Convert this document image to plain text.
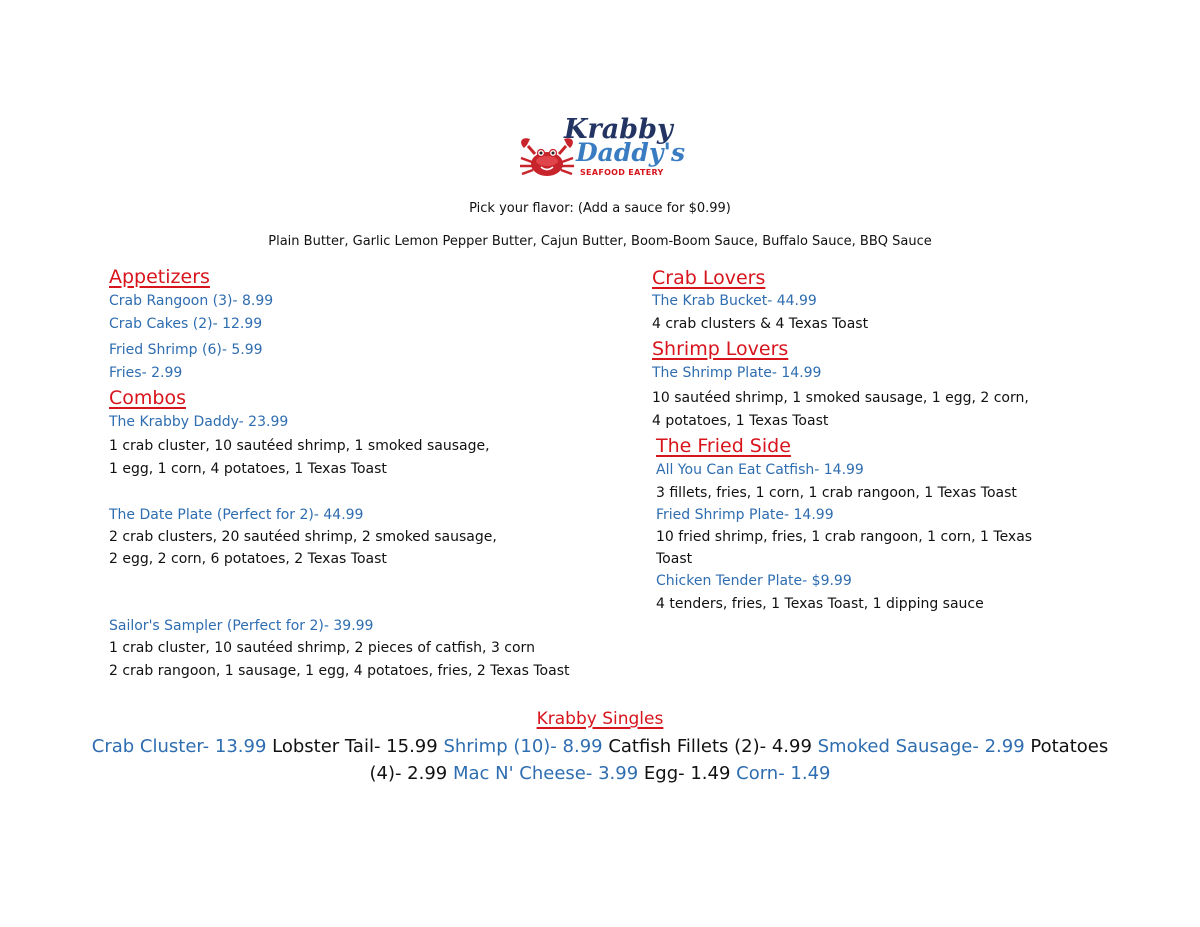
Krabby
Daddy's
SEAFOOD EATERY
Pick your flavor: (Add a sauce for $0.99)
Plain Butter, Garlic Lemon Pepper Butter, Cajun Butter, Boom-Boom Sauce, Buffalo Sauce, BBQ Sauce
Appetizers
Crab Rangoon (3)- 8.99
Crab Cakes (2)- 12.99
Fried Shrimp (6)- 5.99
Fries- 2.99
Combos
The Krabby Daddy- 23.99
1 crab cluster, 10 sautéed shrimp, 1 smoked sausage,
1 egg, 1 corn, 4 potatoes, 1 Texas Toast
The Date Plate (Perfect for 2)- 44.99
2 crab clusters, 20 sautéed shrimp, 2 smoked sausage,
2 egg, 2 corn, 6 potatoes, 2 Texas Toast
Sailor's Sampler (Perfect for 2)- 39.99
1 crab cluster, 10 sautéed shrimp, 2 pieces of catfish, 3 corn
2 crab rangoon, 1 sausage, 1 egg, 4 potatoes, fries, 2 Texas Toast
Crab Lovers
The Krab Bucket- 44.99
4 crab clusters & 4 Texas Toast
Shrimp Lovers
The Shrimp Plate- 14.99
10 sautéed shrimp, 1 smoked sausage, 1 egg, 2 corn,
4 potatoes, 1 Texas Toast
The Fried Side
All You Can Eat Catfish- 14.99
3 fillets, fries, 1 corn, 1 crab rangoon, 1 Texas Toast
Fried Shrimp Plate- 14.99
10 fried shrimp, fries, 1 crab rangoon, 1 corn, 1 Texas
Toast
Chicken Tender Plate- $9.99
4 tenders, fries, 1 Texas Toast, 1 dipping sauce
Krabby Singles
Crab Cluster- 13.99 Lobster Tail- 15.99 Shrimp (10)- 8.99 Catfish Fillets (2)- 4.99 Smoked Sausage- 2.99 Potatoes
(4)- 2.99 Mac N' Cheese- 3.99 Egg- 1.49 Corn- 1.49
